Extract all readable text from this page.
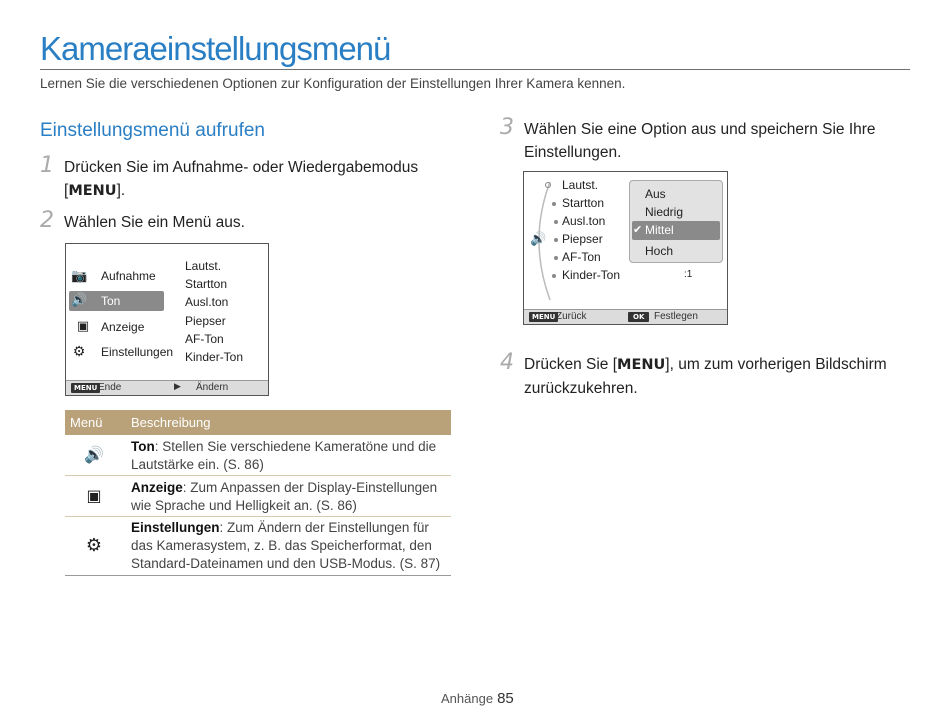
Kameraeinstellungsmenü
Lernen Sie die verschiedenen Optionen zur Konfiguration der Einstellungen Ihrer Kamera kennen.
Einstellungsmenü aufrufen
1 Drücken Sie im Aufnahme- oder Wiedergabemodus
[MENU].
2 Wählen Sie ein Menü aus.
📷 Aufnahme
🔊 Ton
▣ Anzeige
⚙ Einstellungen
Lautst.
Startton
Ausl.ton
Piepser
AF-Ton
Kinder-Ton
MENU Ende	▶ Ändern
Menü Beschreibung
🔊	Ton: Stellen Sie verschiedene Kameratöne und die
Lautstärke ein. (S. 86)
▣	Anzeige: Zum Anpassen der Display-Einstellungen
wie Sprache und Helligkeit an. (S. 86)
⚙
Einstellungen: Zum Ändern der Einstellungen für
das Kamerasystem, z. B. das Speicherformat, den
Standard-Dateinamen und den USB-Modus. (S. 87)
3 Wählen Sie eine Option aus und speichern Sie Ihre
Einstellungen.
🔊
Lautst.
Startton
Ausl.ton
Piepser
AF-Ton
Kinder-Ton	:1
Aus
Niedrig
✔ Mittel
Hoch
MENU Zurück	OK Festlegen
4 Drücken Sie [MENU], um zum vorherigen Bildschirm
zurückzukehren.
Anhänge 85
